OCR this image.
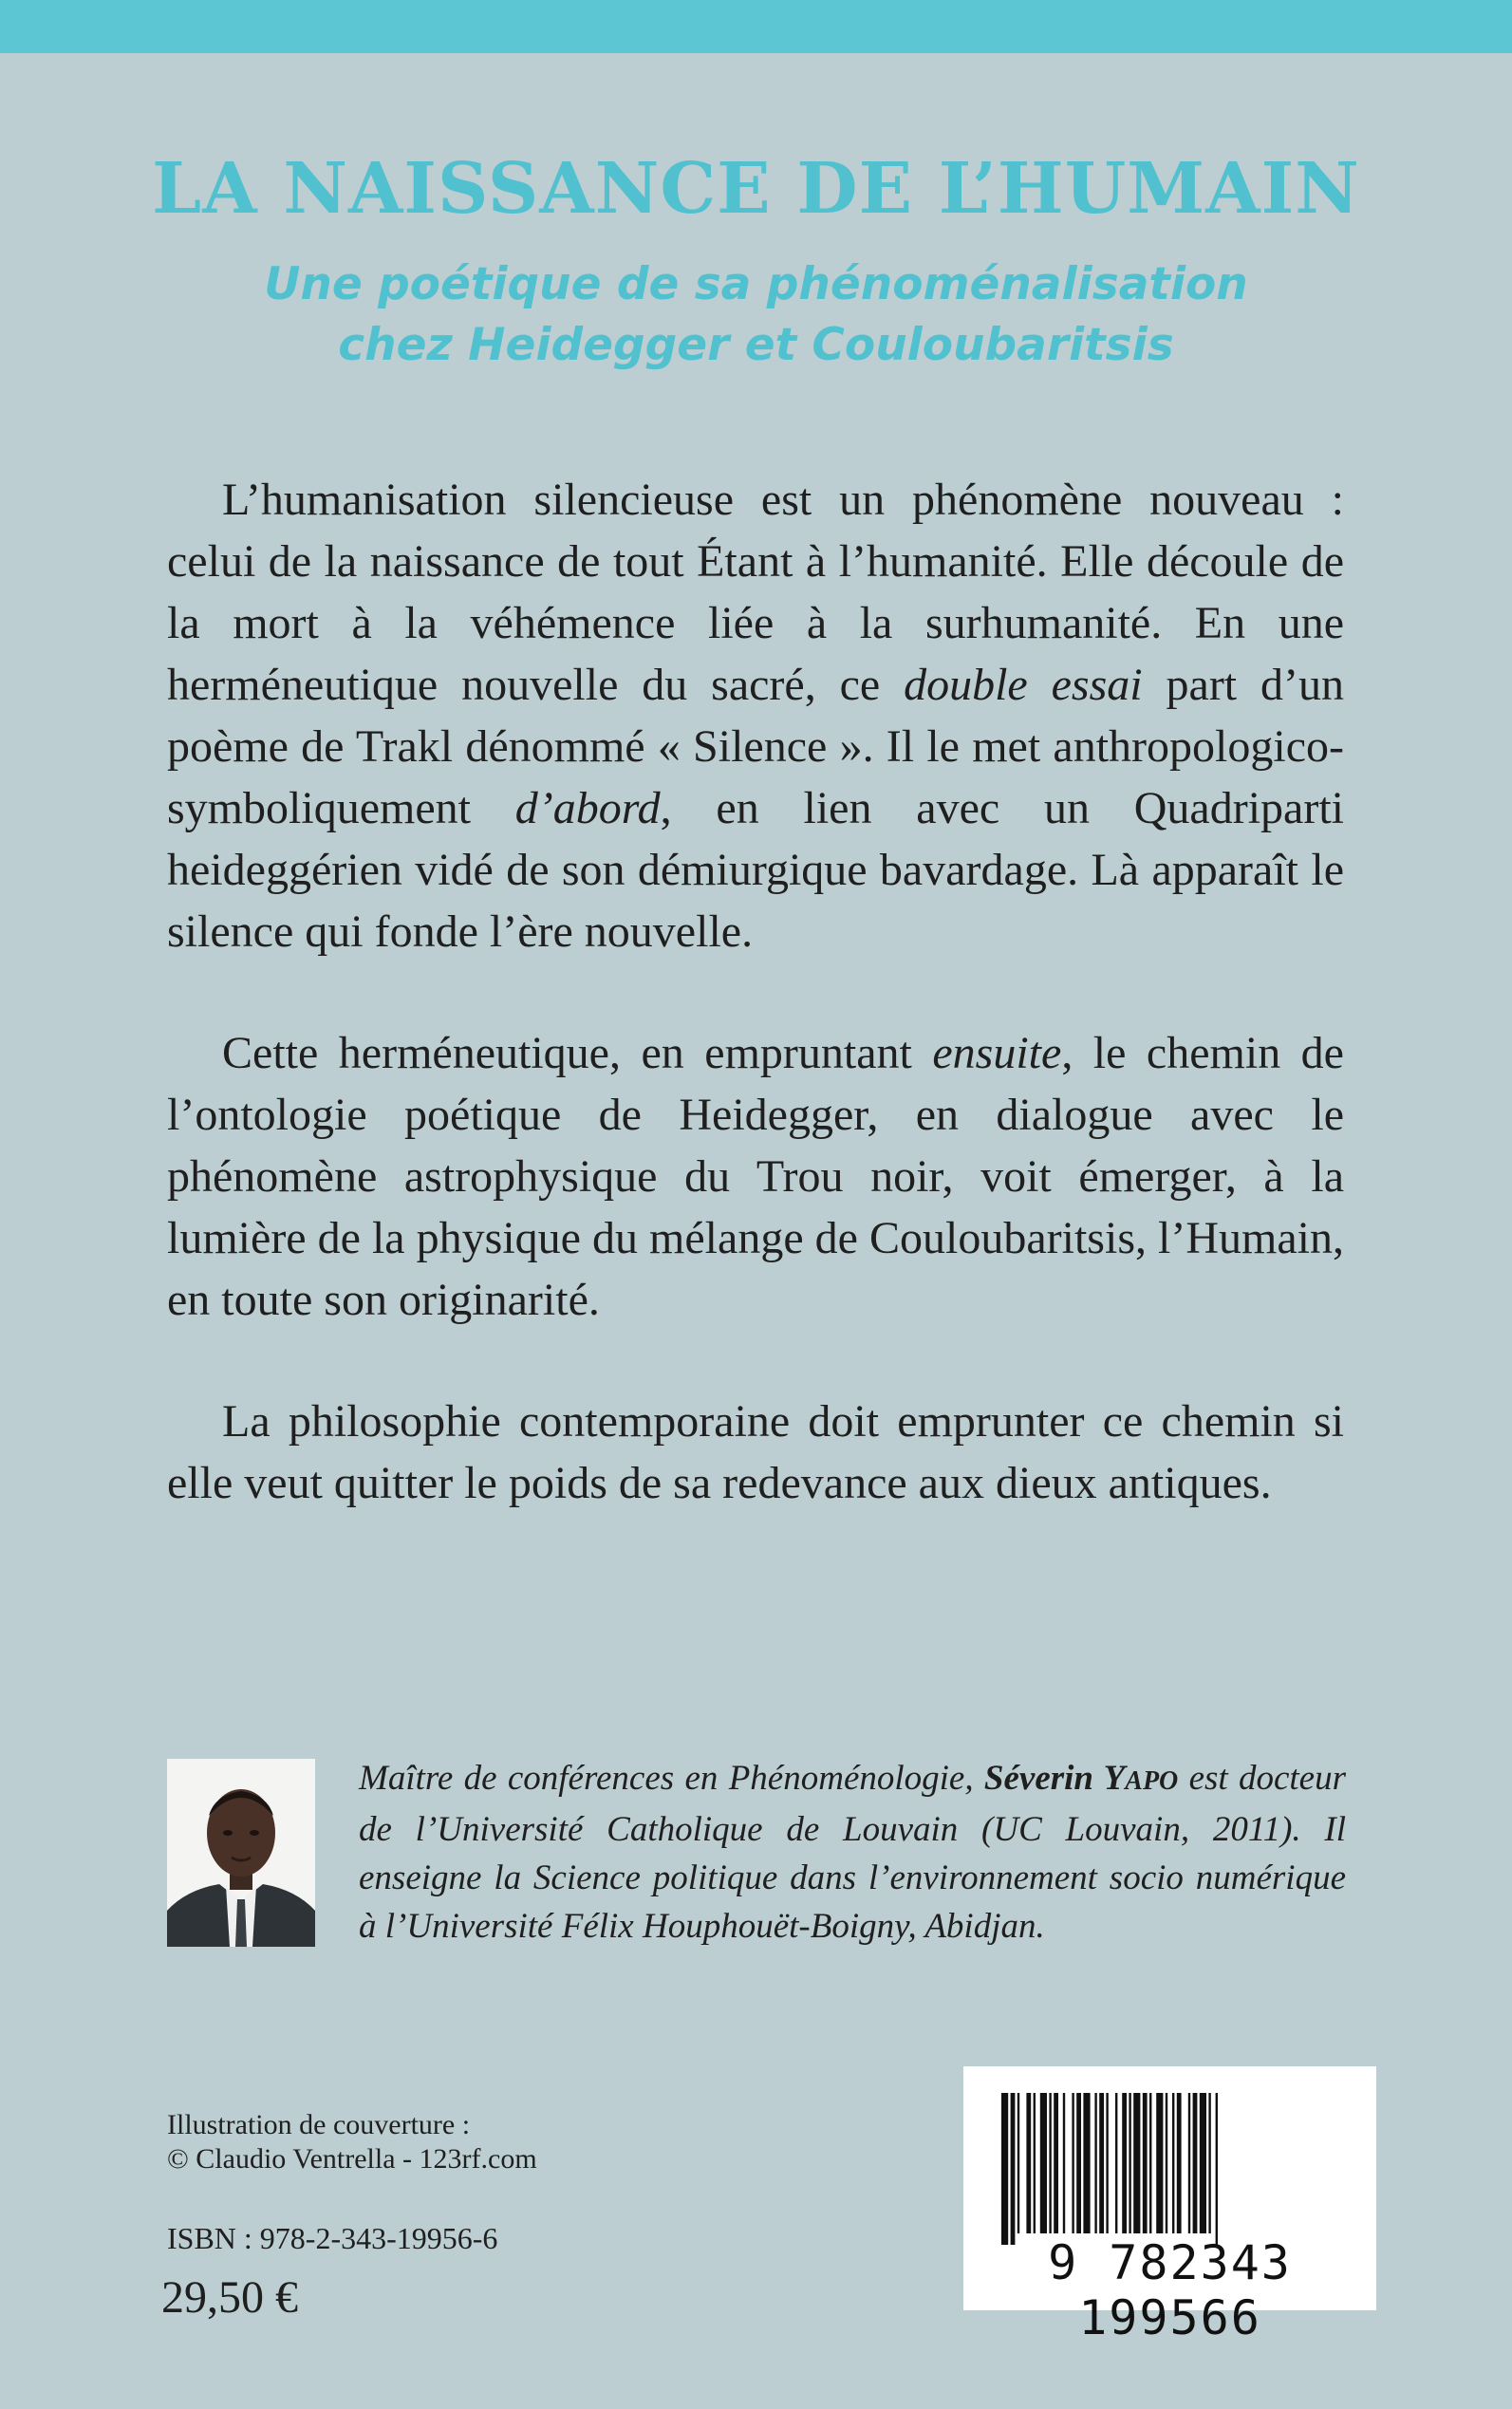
LA NAISSANCE DE L’HUMAIN
Une poétique de sa phénoménalisation
chez Heidegger et Couloubaritsis

L’humanisation silencieuse est un phénomène nouveau : celui de la naissance de tout Étant à l’humanité. Elle découle de la mort à la véhémence liée à la surhumanité. En une herméneutique nouvelle du sacré, ce double essai part d’un poème de Trakl dénommé « Silence ». Il le met anthropologico-symboliquement d’abord, en lien avec un Quadriparti heideggérien vidé de son démiurgique bavardage. Là apparaît le silence qui fonde l’ère nouvelle.

Cette herméneutique, en empruntant ensuite, le chemin de l’ontologie poétique de Heidegger, en dialogue avec le phénomène astrophysique du Trou noir, voit émerger, à la lumière de la physique du mélange de Couloubaritsis, l’Humain, en toute son originarité.

La philosophie contemporaine doit emprunter ce chemin si elle veut quitter le poids de sa redevance aux dieux antiques.

Maître de conférences en Phénoménologie, Séverin YAPO est docteur de l’Université Catholique de Louvain (UC Louvain, 2011). Il enseigne la Science politique dans l’environnement socio numérique à l’Université Félix Houphouët-Boigny, Abidjan.

Illustration de couverture :
© Claudio Ventrella - 123rf.com

ISBN : 978-2-343-19956-6

29,50 €

9 782343 199566
